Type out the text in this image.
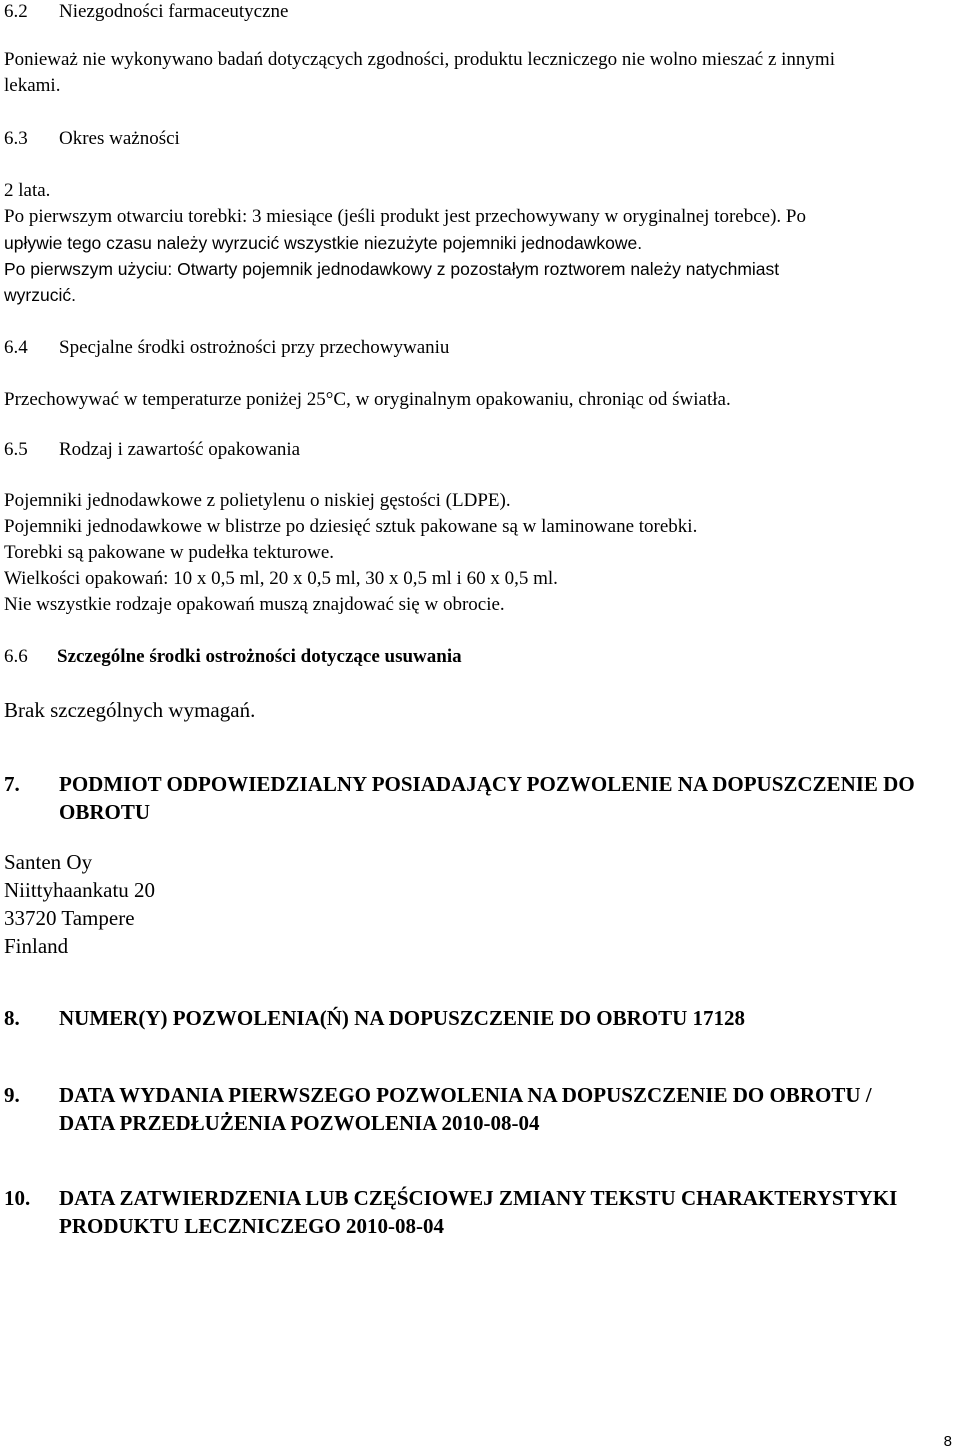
6.2 Niezgodności farmaceutyczne
Ponieważ nie wykonywano badań dotyczących zgodności, produktu leczniczego nie wolno mieszać z innymi
lekami.
6.3 Okres ważności
2 lata.
Po pierwszym otwarciu torebki: 3 miesiące (jeśli produkt jest przechowywany w oryginalnej torebce). Po
upływie tego czasu należy wyrzucić wszystkie niezużyte pojemniki jednodawkowe.
Po pierwszym użyciu: Otwarty pojemnik jednodawkowy z pozostałym roztworem należy natychmiast
wyrzucić.
6.4 Specjalne środki ostrożności przy przechowywaniu
Przechowywać w temperaturze poniżej 25°C, w oryginalnym opakowaniu, chroniąc od światła.
6.5 Rodzaj i zawartość opakowania
Pojemniki jednodawkowe z polietylenu o niskiej gęstości (LDPE).
Pojemniki jednodawkowe w blistrze po dziesięć sztuk pakowane są w laminowane torebki.
Torebki są pakowane w pudełka tekturowe.
Wielkości opakowań: 10 x 0,5 ml, 20 x 0,5 ml, 30 x 0,5 ml i 60 x 0,5 ml.
Nie wszystkie rodzaje opakowań muszą znajdować się w obrocie.
6.6 Szczególne środki ostrożności dotyczące usuwania
Brak szczególnych wymagań.
7. PODMIOT ODPOWIEDZIALNY POSIADAJĄCY POZWOLENIE NA DOPUSZCZENIE DO
OBROTU
Santen Oy
Niittyhaankatu 20
33720 Tampere
Finland
8. NUMER(Y) POZWOLENIA(Ń) NA DOPUSZCZENIE DO OBROTU 17128
9. DATA WYDANIA PIERWSZEGO POZWOLENIA NA DOPUSZCZENIE DO OBROTU /
DATA PRZEDŁUŻENIA POZWOLENIA 2010-08-04
10. DATA ZATWIERDZENIA LUB CZĘŚCIOWEJ ZMIANY TEKSTU CHARAKTERYSTYKI
PRODUKTU LECZNICZEGO 2010-08-04
8
